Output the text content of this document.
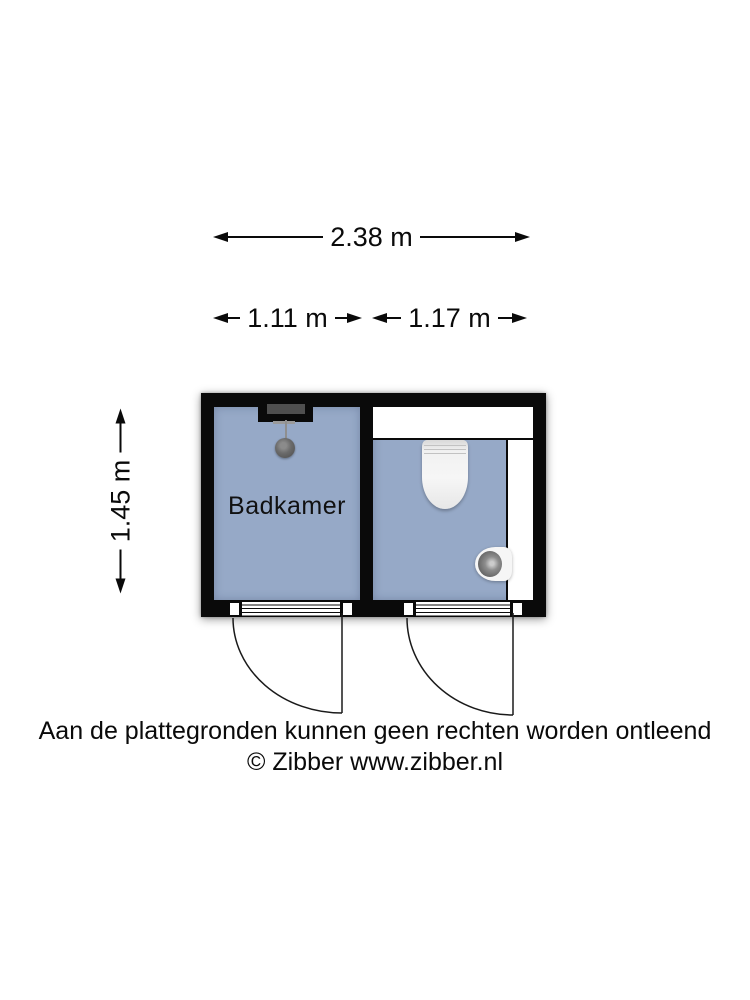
2.38 m
1.11 m	1.17 m
1.45 m	Badkamer
Aan de plattegronden kunnen geen rechten worden ontleend
© Zibber www.zibber.nl
